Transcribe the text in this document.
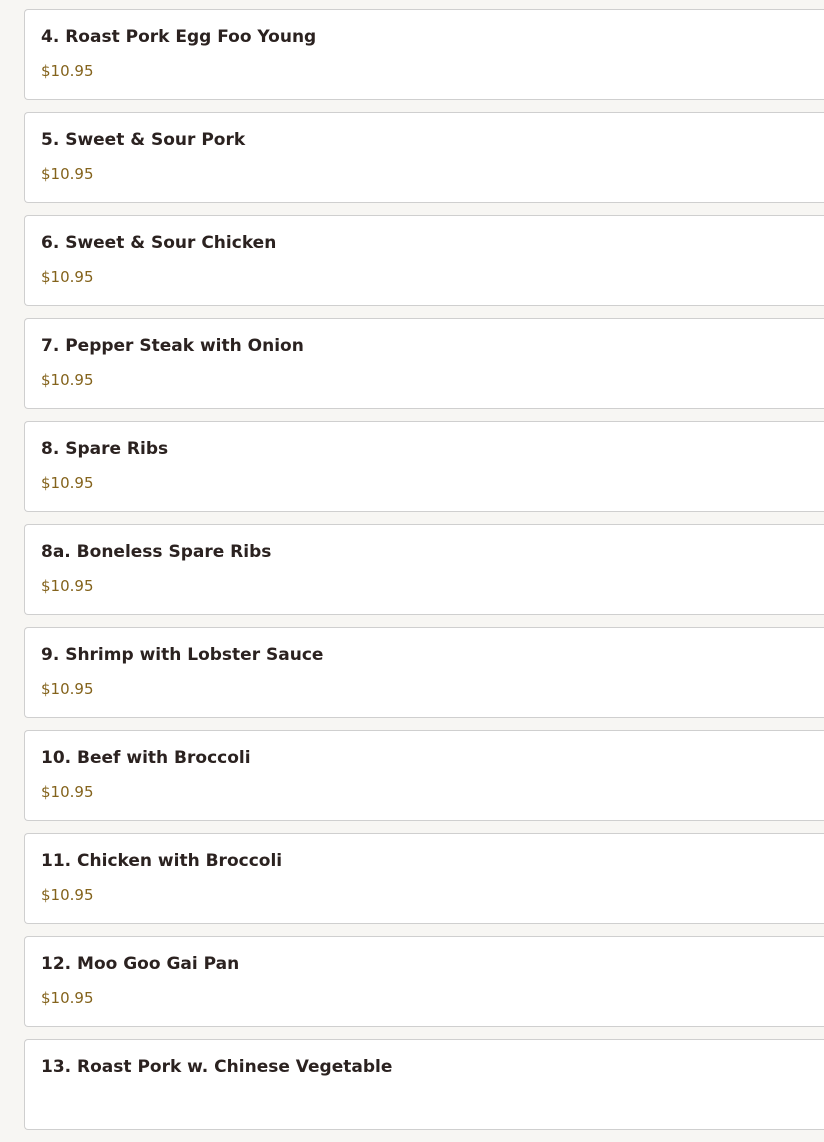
4. Roast Pork Egg Foo Young
$10.95
5. Sweet & Sour Pork
$10.95
6. Sweet & Sour Chicken
$10.95
7. Pepper Steak with Onion
$10.95
8. Spare Ribs
$10.95
8a. Boneless Spare Ribs
$10.95
9. Shrimp with Lobster Sauce
$10.95
10. Beef with Broccoli
$10.95
11. Chicken with Broccoli
$10.95
12. Moo Goo Gai Pan
$10.95
13. Roast Pork w. Chinese Vegetable
